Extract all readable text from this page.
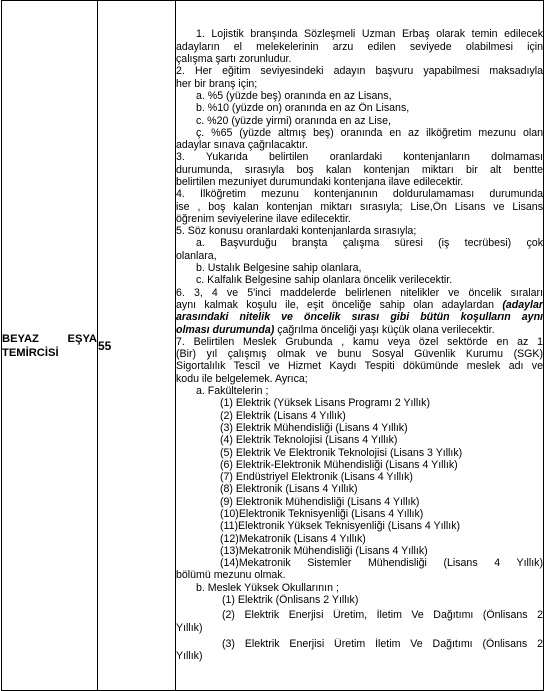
BEYAZ EŞYA
TEMİRCİSİ	55	
1. Lojistik branşında Sözleşmeli Uzman Erbaş olarak temin edilecek
adayların el melekelerinin arzu edilen seviyede olabilmesi için
çalışma şartı zorunludur.
2. Her eğitim seviyesindeki adayın başvuru yapabilmesi maksadıyla
her bir branş için;
a. %5 (yüzde beş) oranında en az Lisans,
b. %10 (yüzde on) oranında en az Ön Lisans,
c. %20 (yüzde yirmi) oranında en az Lise,
ç. %65 (yüzde altmış beş) oranında en az ilköğretim mezunu olan
adaylar sınava çağrılacaktır.
3. Yukarıda belirtilen oranlardaki kontenjanların dolmaması
durumunda, sırasıyla boş kalan kontenjan miktarı bir alt bentte
belirtilen mezuniyet durumundaki kontenjana ilave edilecektir.
4. İlköğretim mezunu kontenjanının doldurulamaması durumunda
ise , boş kalan kontenjan miktarı sırasıyla; Lise,Ön Lisans ve Lisans
öğrenim seviyelerine ilave edilecektir.
5. Söz konusu oranlardaki kontenjanlarda sırasıyla;
a. Başvurduğu branşta çalışma süresi (iş tecrübesi) çok
olanlara,
b. Ustalık Belgesine sahip olanlara,
c. Kalfalık Belgesine sahip olanlara öncelik verilecektir.
6. 3, 4 ve 5'inci maddelerde belirlenen nitelikler ve öncelik sıraları
aynı kalmak koşulu ile, eşit önceliğe sahip olan adaylardan (adaylar
arasındaki nitelik ve öncelik sırası gibi bütün koşulların aynı
olması durumunda) çağrılma önceliği yaşı küçük olana verilecektir.
7. Belirtilen Meslek Grubunda , kamu veya özel sektörde en az 1
(Bir) yıl çalışmış olmak ve bunu Sosyal Güvenlik Kurumu (SGK)
Sigortalılık Tescil ve Hizmet Kaydı Tespiti dökümünde meslek adı ve
kodu ile belgelemek. Ayrıca;
a. Fakültelerin ;
(1) Elektrik (Yüksek Lisans Programı 2 Yıllık)
(2) Elektrik (Lisans 4 Yıllık)
(3) Elektrik Mühendisliği (Lisans 4 Yıllık)
(4) Elektrik Teknolojisi (Lisans 4 Yıllık)
(5) Elektrik Ve Elektronik Teknolojisi (Lisans 3 Yıllık)
(6) Elektrik-Elektronik Mühendisliği (Lisans 4 Yıllık)
(7) Endüstriyel Elektronik (Lisans 4 Yıllık)
(8) Elektronik (Lisans 4 Yıllık)
(9) Elektronik Mühendisliği (Lisans 4 Yıllık)
(10)Elektronik Teknisyenliği (Lisans 4 Yıllık)
(11)Elektronik Yüksek Teknisyenliği (Lisans 4 Yıllık)
(12)Mekatronik (Lisans 4 Yıllık)
(13)Mekatronik Mühendisliği (Lisans 4 Yıllık)
(14)Mekatronik Sistemler Mühendisliği (Lisans 4 Yıllık)
bölümü mezunu olmak.
b. Meslek Yüksek Okullarının ;
(1) Elektrik (Önlisans 2 Yıllık)
(2) Elektrik Enerjisi Üretim, İletim Ve Dağıtımı (Önlisans 2
Yıllık)
(3) Elektrik Enerjisi Üretim İletim Ve Dağıtımı (Önlisans 2
Yıllık)
